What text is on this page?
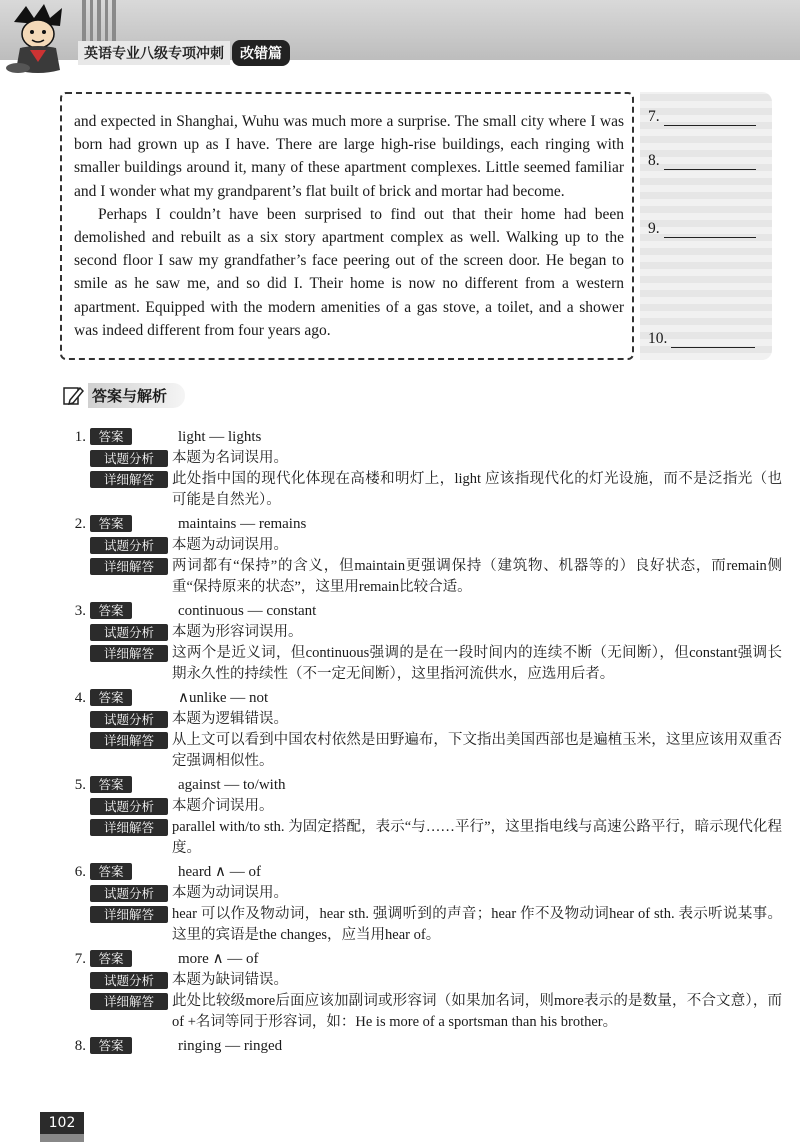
英语专业八级专项冲刺	改错篇

and expected in Shanghai, Wuhu was much more a surprise. The small city where I was born had grown up as I have. There are large high-rise buildings, each ringing with smaller buildings around it, many of these apartment complexes. Little seemed familiar and I wonder what my grandparent’s flat built of brick and mortar had become.

Perhaps I couldn’t have been surprised to find out that their home had been demolished and rebuilt as a six story apartment complex as well. Walking up to the second floor I saw my grandfather’s face peering out of the screen door. He began to smile as he saw me, and so did I. Their home is now no different from a western apartment. Equipped with the modern amenities of a gas stove, a toilet, and a shower was indeed different from four years ago.

7.
8.
9.
10.
答案与解析
1. 答案	light — lights
试题分析	本题为名词误用。
详细解答	此处指中国的现代化体现在高楼和明灯上，light 应该指现代化的灯光设施，而不是泛指光（也可能是自然光）。
2. 答案	maintains — remains
试题分析	本题为动词误用。
详细解答	两词都有“保持”的含义，但maintain更强调保持（建筑物、机器等的）良好状态，而remain侧重“保持原来的状态”，这里用remain比较合适。
3. 答案	continuous — constant
试题分析	本题为形容词误用。
详细解答	这两个是近义词，但continuous强调的是在一段时间内的连续不断（无间断），但constant强调长期永久性的持续性（不一定无间断），这里指河流供水，应选用后者。
4. 答案	∧unlike — not
试题分析	本题为逻辑错误。
详细解答	从上文可以看到中国农村依然是田野遍布，下文指出美国西部也是遍植玉米，这里应该用双重否定强调相似性。
5. 答案	against — to/with
试题分析	本题介词误用。
详细解答	parallel with/to sth. 为固定搭配，表示“与……平行”，这里指电线与高速公路平行，暗示现代化程度。
6. 答案	heard ∧ — of
试题分析	本题为动词误用。
详细解答	hear 可以作及物动词，hear sth. 强调听到的声音；hear 作不及物动词hear of sth. 表示听说某事。这里的宾语是the changes，应当用hear of。
7. 答案	more ∧ — of
试题分析	本题为缺词错误。
详细解答	此处比较级more后面应该加副词或形容词（如果加名词，则more表示的是数量，不合文意），而of +名词等同于形容词，如：He is more of a sportsman than his brother。
8. 答案	ringing — ringed
102
